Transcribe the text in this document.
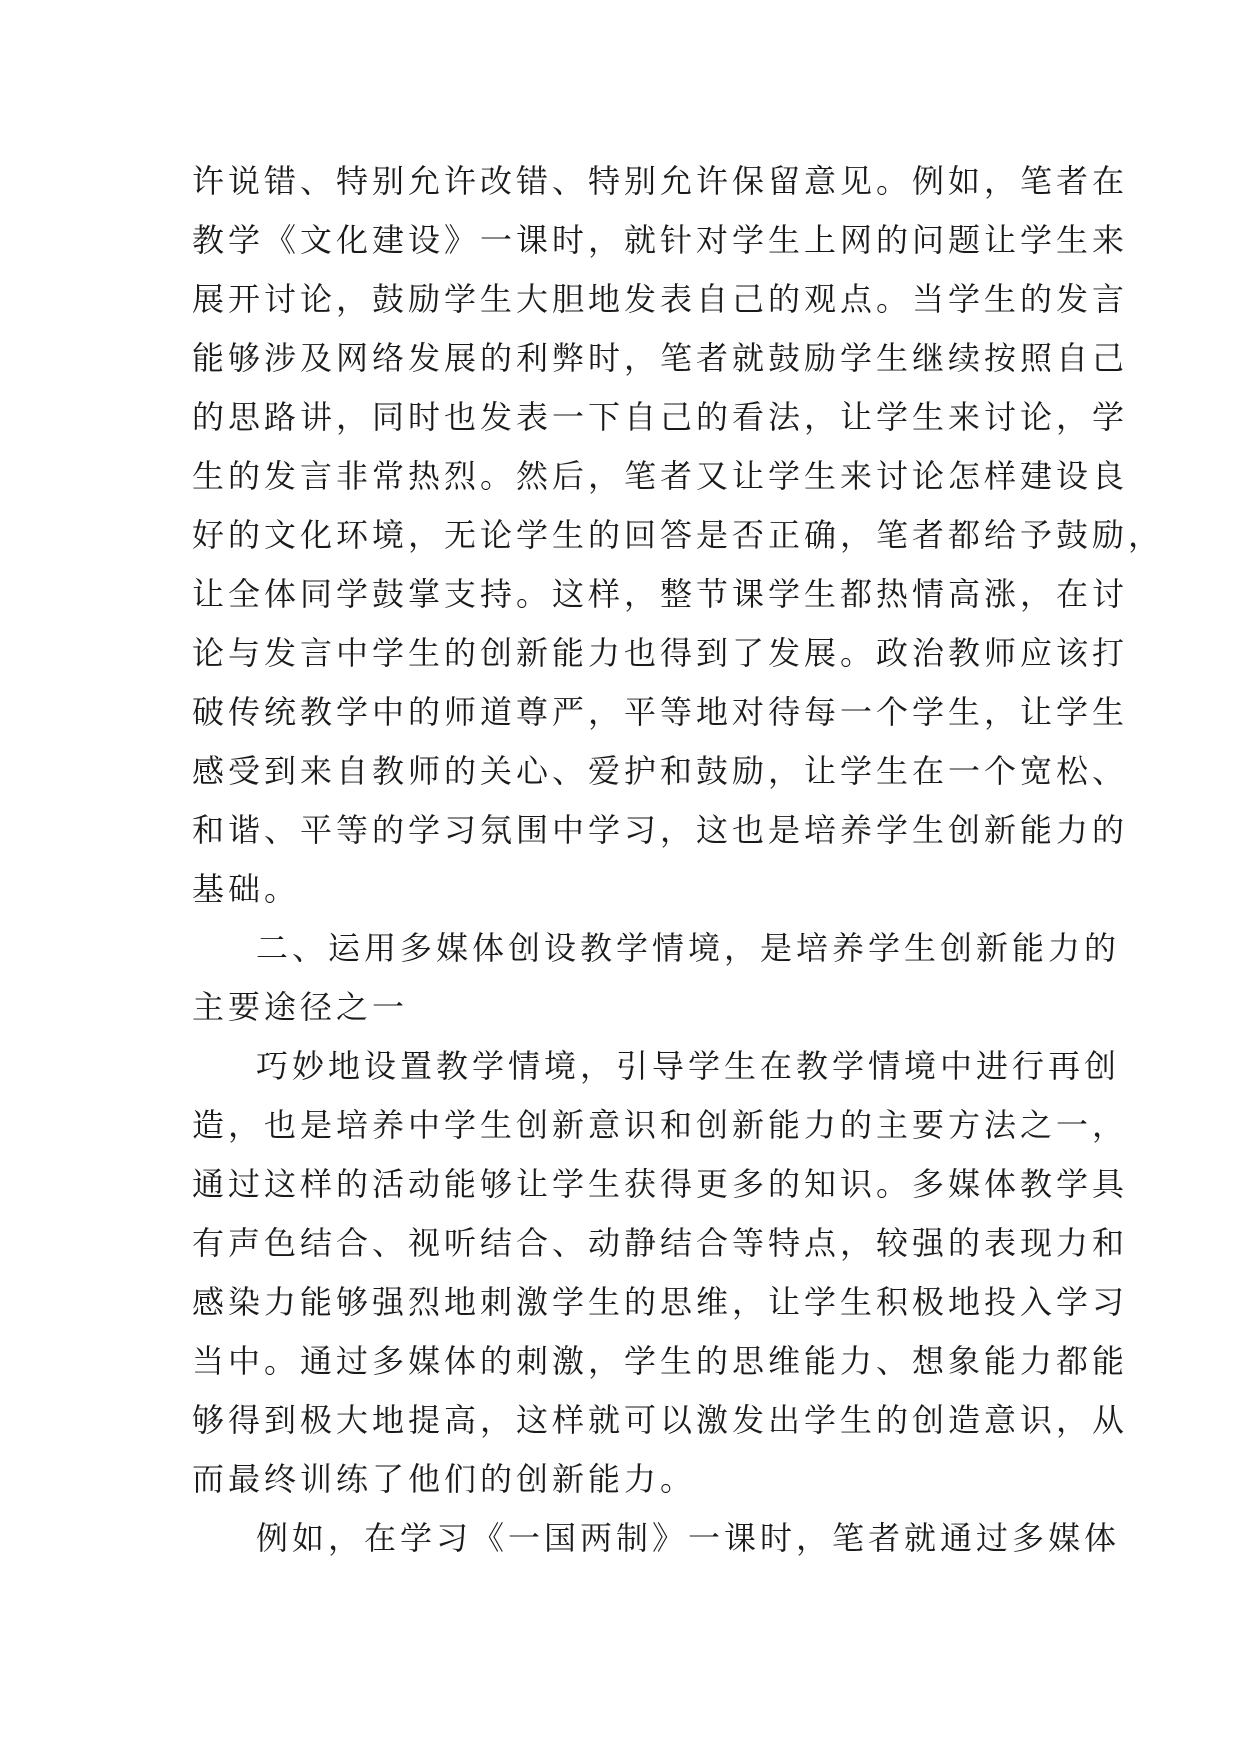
许说错、特别允许改错、特别允许保留意见。例如，笔者在
教学《文化建设》一课时，就针对学生上网的问题让学生来
展开讨论，鼓励学生大胆地发表自己的观点。当学生的发言
能够涉及网络发展的利弊时，笔者就鼓励学生继续按照自己
的思路讲，同时也发表一下自己的看法，让学生来讨论，学
生的发言非常热烈。然后，笔者又让学生来讨论怎样建设良
好的文化环境，无论学生的回答是否正确，笔者都给予鼓励，
让全体同学鼓掌支持。这样，整节课学生都热情高涨，在讨
论与发言中学生的创新能力也得到了发展。政治教师应该打
破传统教学中的师道尊严，平等地对待每一个学生，让学生
感受到来自教师的关心、爱护和鼓励，让学生在一个宽松、
和谐、平等的学习氛围中学习，这也是培养学生创新能力的
基础。
二、运用多媒体创设教学情境，是培养学生创新能力的
主要途径之一
巧妙地设置教学情境，引导学生在教学情境中进行再创
造，也是培养中学生创新意识和创新能力的主要方法之一，
通过这样的活动能够让学生获得更多的知识。多媒体教学具
有声色结合、视听结合、动静结合等特点，较强的表现力和
感染力能够强烈地刺激学生的思维，让学生积极地投入学习
当中。通过多媒体的刺激，学生的思维能力、想象能力都能
够得到极大地提高，这样就可以激发出学生的创造意识，从
而最终训练了他们的创新能力。
例如，在学习《一国两制》一课时，笔者就通过多媒体
